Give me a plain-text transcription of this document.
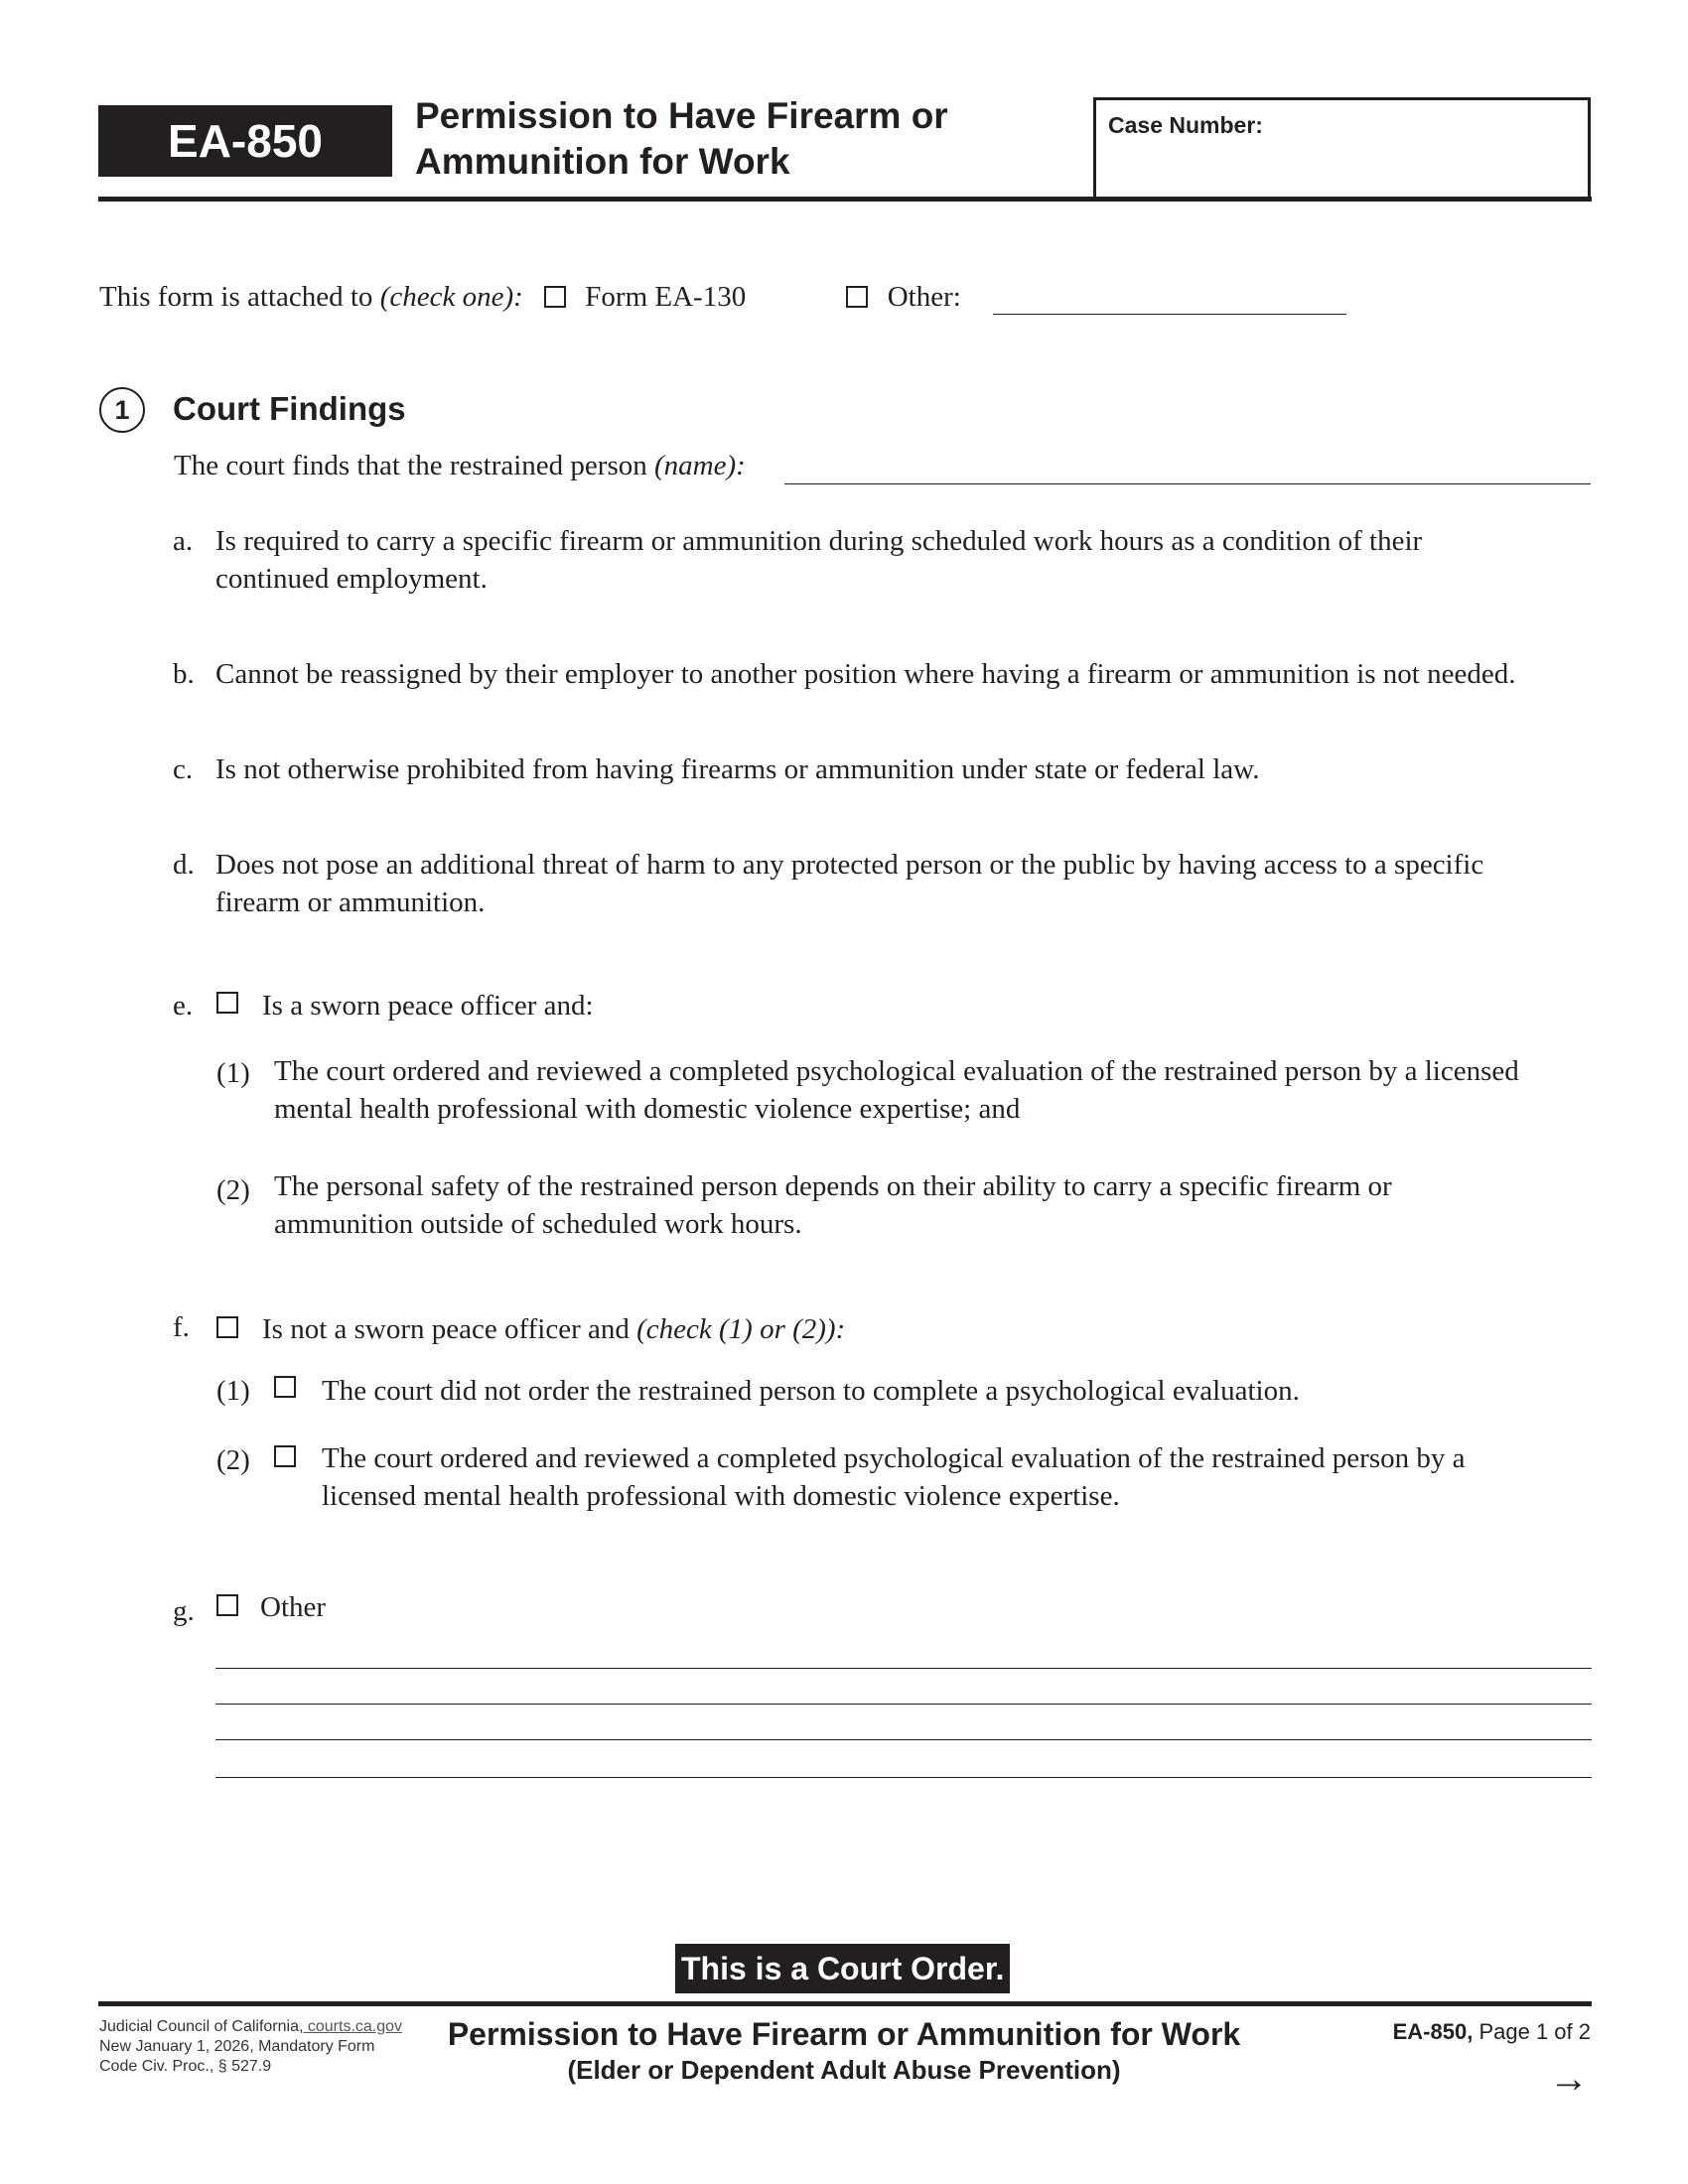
EA-850	Permission to Have Firearm or
Ammunition for Work
Case Number:
This form is attached to (check one): Form EA-130	Other:
1 Court Findings
The court finds that the restrained person (name):
a. Is required to carry a specific firearm or ammunition during scheduled work hours as a condition of their
continued employment.
b. Cannot be reassigned by their employer to another position where having a firearm or ammunition is not needed.
c. Is not otherwise prohibited from having firearms or ammunition under state or federal law.
d. Does not pose an additional threat of harm to any protected person or the public by having access to a specific
firearm or ammunition.
e.	Is a sworn peace officer and:
(1) The court ordered and reviewed a completed psychological evaluation of the restrained person by a licensed
mental health professional with domestic violence expertise; and
(2) The personal safety of the restrained person depends on their ability to carry a specific firearm or
ammunition outside of scheduled work hours.
f.	Is not a sworn peace officer and (check (1) or (2)):
(1) The court did not order the restrained person to complete a psychological evaluation.
(2) The court ordered and reviewed a completed psychological evaluation of the restrained person by a
licensed mental health professional with domestic violence expertise.
g.	Other
This is a Court Order.
Judicial Council of California, courts.ca.gov
New January 1, 2026, Mandatory Form
Code Civ. Proc., § 527.9
Permission to Have Firearm or Ammunition for Work
(Elder or Dependent Adult Abuse Prevention)
EA-850, Page 1 of 2
→
